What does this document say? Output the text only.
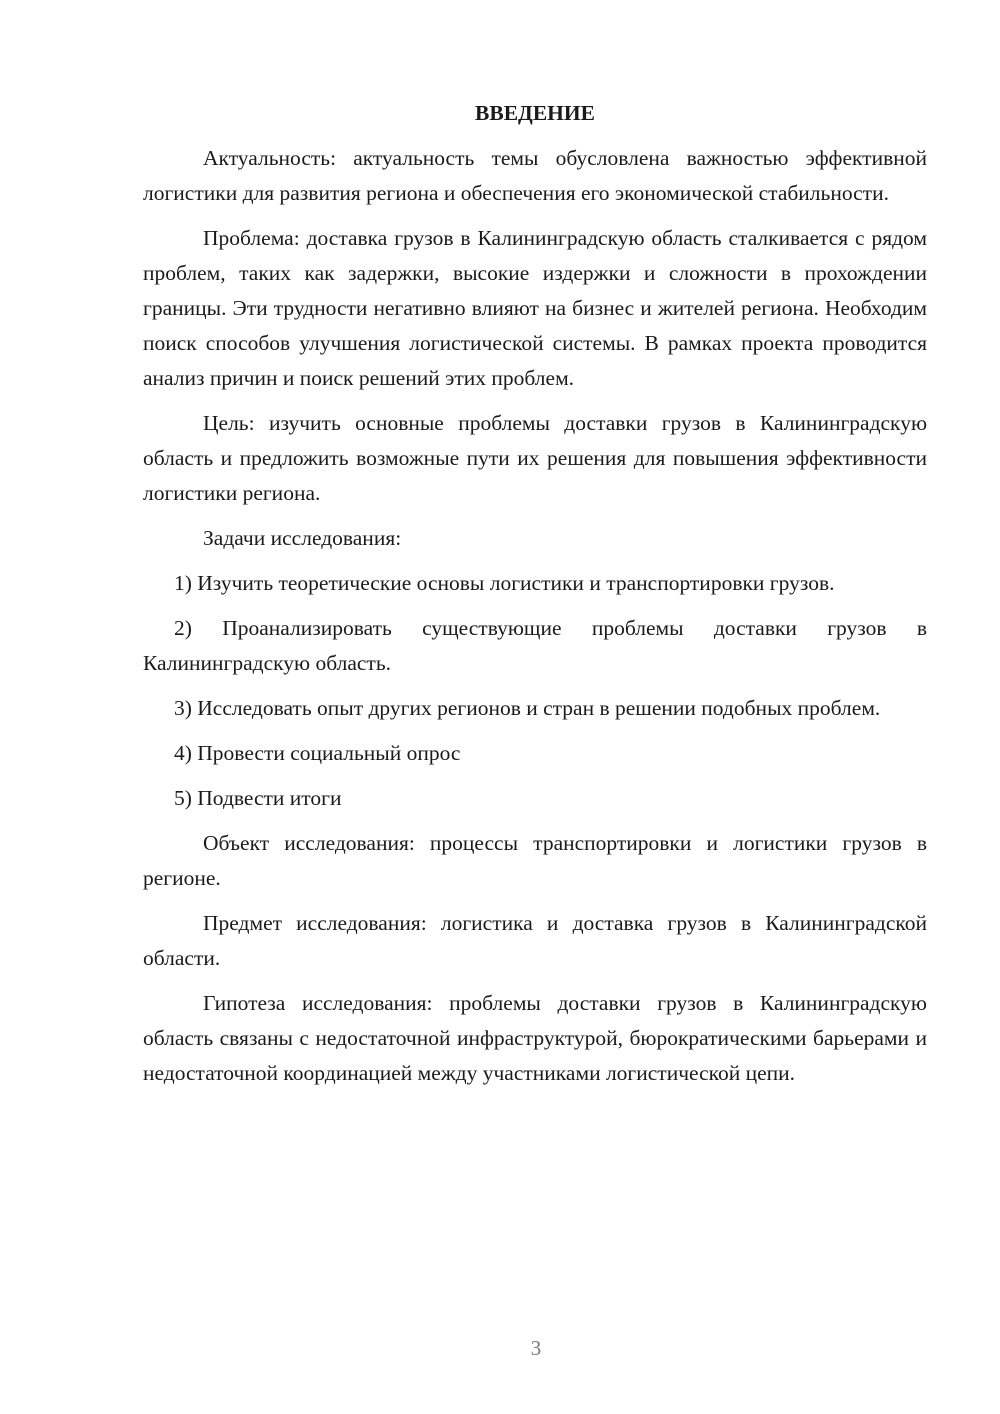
ВВЕДЕНИЕ

Актуальность: актуальность темы обусловлена важностью эффективной логистики для развития региона и обеспечения его экономической стабильности.

Проблема: доставка грузов в Калининградскую область сталкивается с рядом проблем, таких как задержки, высокие издержки и сложности в прохождении границы. Эти трудности негативно влияют на бизнес и жителей региона. Необходим поиск способов улучшения логистической системы. В рамках проекта проводится анализ причин и поиск решений этих проблем.

Цель: изучить основные проблемы доставки грузов в Калининградскую область и предложить возможные пути их решения для повышения эффективности логистики региона.

Задачи исследования:

1) Изучить теоретические основы логистики и транспортировки грузов.

2) Проанализировать существующие проблемы доставки грузов в Калининградскую область.

3) Исследовать опыт других регионов и стран в решении подобных проблем.

4) Провести социальный опрос

5) Подвести итоги

Объект исследования: процессы транспортировки и логистики грузов в регионе.

Предмет исследования: логистика и доставка грузов в Калининградской области.

Гипотеза исследования: проблемы доставки грузов в Калининградскую область связаны с недостаточной инфраструктурой, бюрократическими барьерами и недостаточной координацией между участниками логистической цепи.

3
